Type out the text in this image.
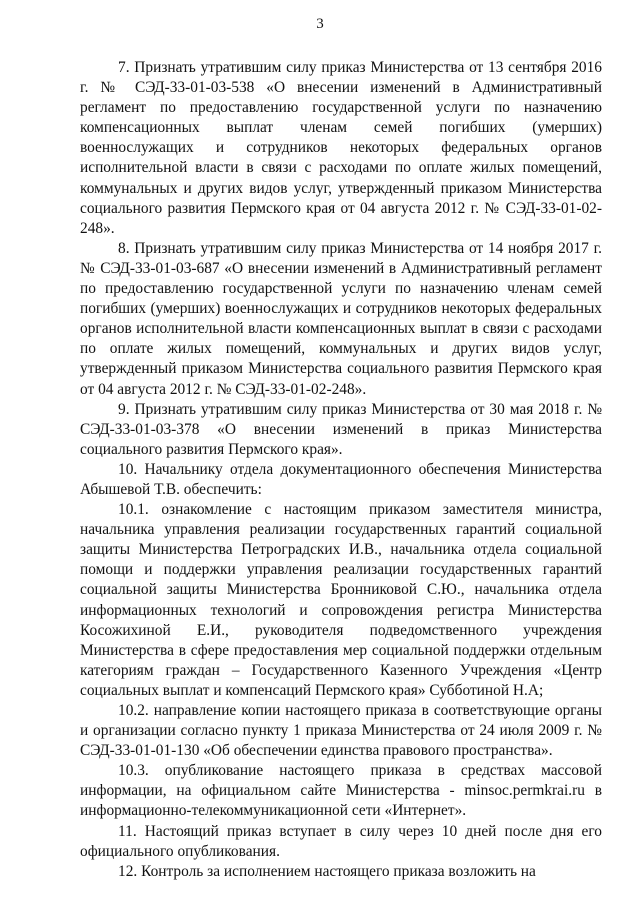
3

7. Признать утратившим силу приказ Министерства от 13 сентября 2016 г. № СЭД-33-01-03-538 «О внесении изменений в Административный регламент по предоставлению государственной услуги по назначению компенсационных выплат членам семей погибших (умерших) военнослужащих и сотрудников некоторых федеральных органов исполнительной власти в связи с расходами по оплате жилых помещений, коммунальных и других видов услуг, утвержденный приказом Министерства социального развития Пермского края от 04 августа 2012 г. № СЭД-33-01-02-248».

8. Признать утратившим силу приказ Министерства от 14 ноября 2017 г. № СЭД-33-01-03-687 «О внесении изменений в Административный регламент по предоставлению государственной услуги по назначению членам семей погибших (умерших) военнослужащих и сотрудников некоторых федеральных органов исполнительной власти компенсационных выплат в связи с расходами по оплате жилых помещений, коммунальных и других видов услуг, утвержденный приказом Министерства социального развития Пермского края от 04 августа 2012 г. № СЭД-33-01-02-248».

9. Признать утратившим силу приказ Министерства от 30 мая 2018 г. № СЭД-33-01-03-378 «О внесении изменений в приказ Министерства социального развития Пермского края».

10. Начальнику отдела документационного обеспечения Министерства Абышевой Т.В. обеспечить:

10.1. ознакомление с настоящим приказом заместителя министра, начальника управления реализации государственных гарантий социальной защиты Министерства Петроградских И.В., начальника отдела социальной помощи и поддержки управления реализации государственных гарантий социальной защиты Министерства Бронниковой С.Ю., начальника отдела информационных технологий и сопровождения регистра Министерства Косожихиной Е.И., руководителя подведомственного учреждения Министерства в сфере предоставления мер социальной поддержки отдельным категориям граждан – Государственного Казенного Учреждения «Центр социальных выплат и компенсаций Пермского края» Субботиной Н.А;

10.2. направление копии настоящего приказа в соответствующие органы и организации согласно пункту 1 приказа Министерства от 24 июля 2009 г. № СЭД-33-01-01-130 «Об обеспечении единства правового пространства».

10.3. опубликование настоящего приказа в средствах массовой информации, на официальном сайте Министерства - minsoc.permkrai.ru в информационно-телекоммуникационной сети «Интернет».

11. Настоящий приказ вступает в силу через 10 дней после дня его официального опубликования.

12. Контроль за исполнением настоящего приказа возложить на
